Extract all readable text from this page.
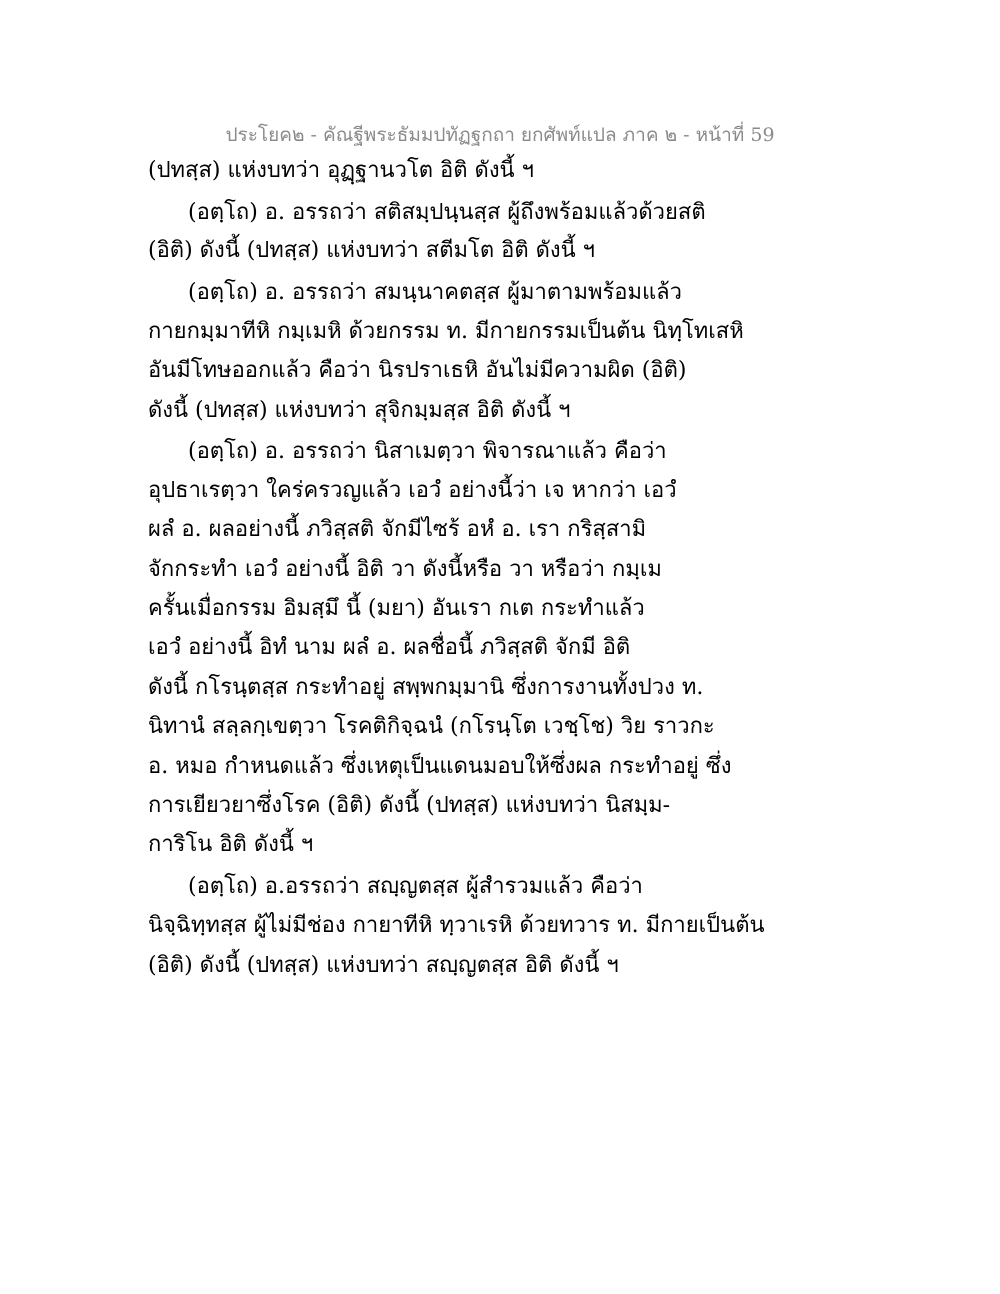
ประโยค๒ - คัณฐีพระธัมมปทัฏฐกถา ยกศัพท์แปล ภาค ๒ - หน้าที่ 59
(ปทสฺส) แห่งบทว่า อุฏฺฐานวโต อิติ ดังนี้ ฯ
(อตฺโถ) อ. อรรถว่า สติสมฺปนฺนสฺส ผู้ถึงพร้อมแล้วด้วยสติ
(อิติ) ดังนี้ (ปทสฺส) แห่งบทว่า สตีมโต อิติ ดังนี้ ฯ
(อตฺโถ) อ. อรรถว่า สมนฺนาคตสฺส ผู้มาตามพร้อมแล้ว
กายกมฺมาทีหิ กมฺเมหิ ด้วยกรรม ท. มีกายกรรมเป็นต้น นิทฺโทเสหิ
อันมีโทษออกแล้ว คือว่า นิรปราเธหิ อันไม่มีความผิด (อิติ)
ดังนี้ (ปทสฺส) แห่งบทว่า สุจิกมฺมสฺส อิติ ดังนี้ ฯ
(อตฺโถ) อ. อรรถว่า นิสาเมตฺวา พิจารณาแล้ว คือว่า
อุปธาเรตฺวา ใคร่ครวญแล้ว เอวํ อย่างนี้ว่า เจ หากว่า เอวํ
ผลํ อ. ผลอย่างนี้ ภวิสฺสติ จักมีไซร้ อหํ อ. เรา กริสฺสามิ
จักกระทำ เอวํ อย่างนี้ อิติ วา ดังนี้หรือ วา หรือว่า กมฺเม
ครั้นเมื่อกรรม อิมสฺมึ นี้ (มยา) อันเรา กเต กระทำแล้ว
เอวํ อย่างนี้ อิทํ นาม ผลํ อ. ผลชื่อนี้ ภวิสฺสติ จักมี อิติ
ดังนี้ กโรนฺตสฺส กระทำอยู่ สพฺพกมฺมานิ ซึ่งการงานทั้งปวง ท.
นิทานํ สลฺลกฺเขตฺวา โรคติกิจฺฉนํ (กโรนฺโต เวชฺโช) วิย ราวกะ
อ. หมอ กำหนดแล้ว ซึ่งเหตุเป็นแดนมอบให้ซึ่งผล กระทำอยู่ ซึ่ง
การเยียวยาซึ่งโรค (อิติ) ดังนี้ (ปทสฺส) แห่งบทว่า นิสมฺม-
การิโน อิติ ดังนี้ ฯ
(อตฺโถ) อ.อรรถว่า สญฺญตสฺส ผู้สำรวมแล้ว คือว่า
นิจฺฉิทฺทสฺส ผู้ไม่มีช่อง กายาทีหิ ทฺวาเรหิ ด้วยทวาร ท. มีกายเป็นต้น
(อิติ) ดังนี้ (ปทสฺส) แห่งบทว่า สญฺญตสฺส อิติ ดังนี้ ฯ
